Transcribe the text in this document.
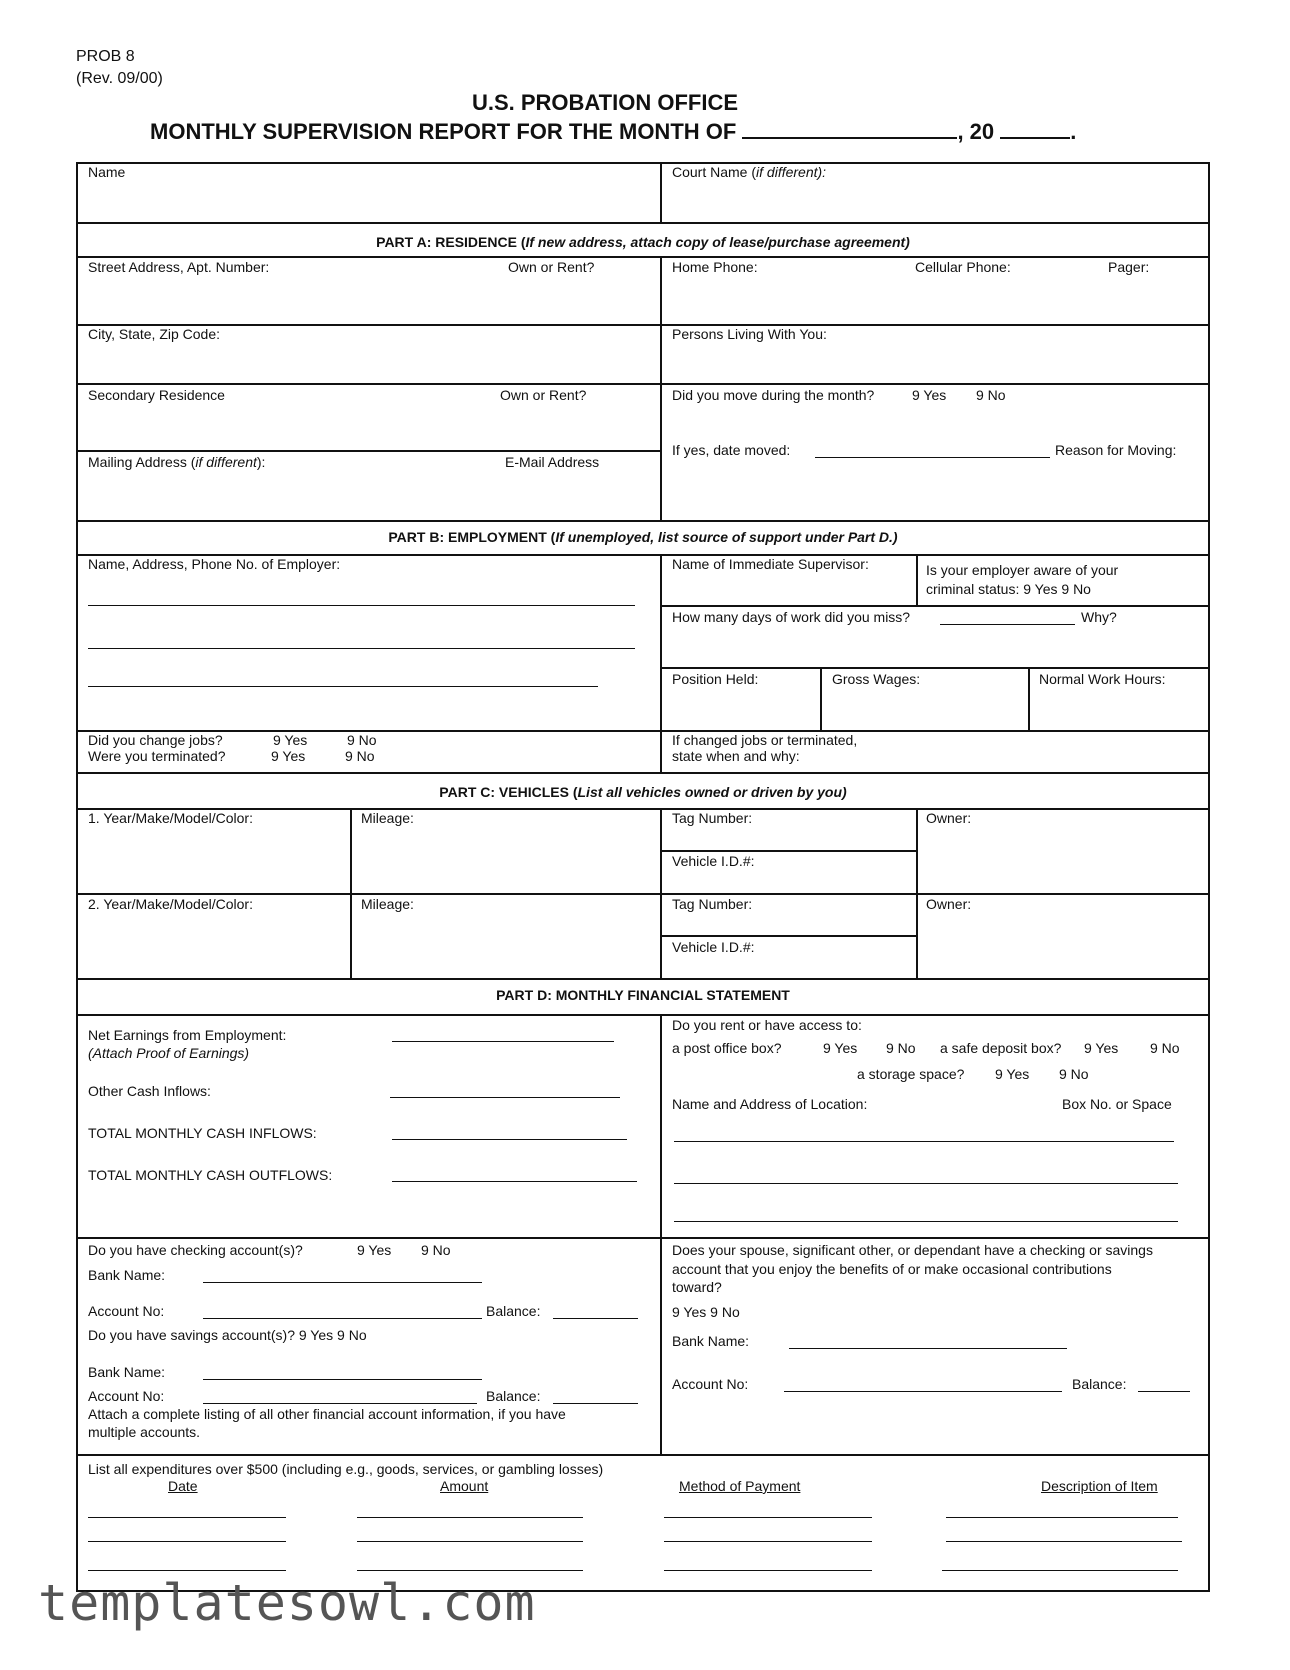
PROB 8
(Rev. 09/00)
U.S. PROBATION OFFICE
MONTHLY SUPERVISION REPORT FOR THE MONTH OF	, 20	.
Name	Court Name (if different):
PART A: RESIDENCE (If new address, attach copy of lease/purchase agreement)
Street Address, Apt. Number:	Own or Rent?	Home Phone:	Cellular Phone:	Pager:
City, State, Zip Code:	Persons Living With You:
Secondary Residence	Own or Rent?	Did you move during the month?	9 Yes 9 No
If yes, date moved:	Reason for Moving:
Mailing Address (if different):	E-Mail Address
PART B: EMPLOYMENT (If unemployed, list source of support under Part D.)
Name, Address, Phone No. of Employer:	Name of Immediate Supervisor:	Is your employer aware of your
criminal status: 9 Yes 9 No
How many days of work did you miss?	Why?
Position Held:	Gross Wages:	Normal Work Hours:
Did you change jobs?	9 Yes	9 No
Were you terminated?	9 Yes	9 No
If changed jobs or terminated,
state when and why:
PART C: VEHICLES (List all vehicles owned or driven by you)
1. Year/Make/Model/Color:	Mileage:	Tag Number:	Owner:
Vehicle I.D.#:
2. Year/Make/Model/Color:	Mileage:	Tag Number:	Owner:
Vehicle I.D.#:
PART D: MONTHLY FINANCIAL STATEMENT
Net Earnings from Employment:
(Attach Proof of Earnings)
Other Cash Inflows:
TOTAL MONTHLY CASH INFLOWS:
TOTAL MONTHLY CASH OUTFLOWS:
Do you rent or have access to:
a post office box?	9 Yes 9 No a safe deposit box? 9 Yes 9 No
a storage space? 9 Yes 9 No
Name and Address of Location:	Box No. or Space
Do you have checking account(s)?	9 Yes 9 No
Bank Name:
Account No:	Balance:
Do you have savings account(s)? 9 Yes 9 No
Bank Name:
Account No:	Balance:
Attach a complete listing of all other financial account information, if you have
multiple accounts.
Does your spouse, significant other, or dependant have a checking or savings
account that you enjoy the benefits of or make occasional contributions
toward?
9 Yes 9 No
Bank Name:
Account No:	Balance:
List all expenditures over $500 (including e.g., goods, services, or gambling losses)
Date	Amount	Method of Payment	Description of Item
templatesowl.com
